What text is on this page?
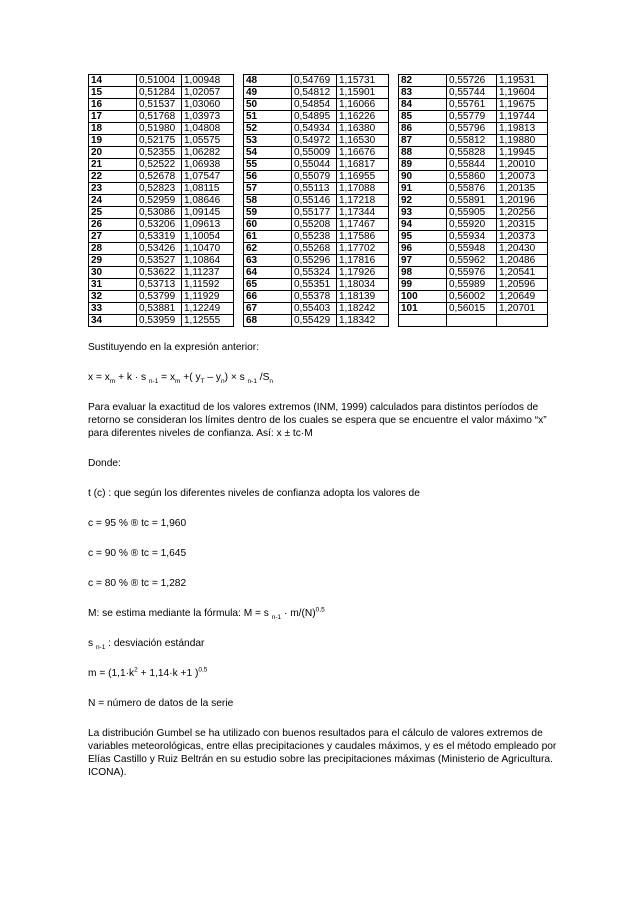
14	0,51004	1,00948		48	0,54769	1,15731		82	0,55726	1,19531
15	0,51284	1,02057		49	0,54812	1,15901		83	0,55744	1,19604
16	0,51537	1,03060		50	0,54854	1,16066		84	0,55761	1,19675
17	0,51768	1,03973		51	0,54895	1,16226		85	0,55779	1,19744
18	0,51980	1,04808		52	0,54934	1,16380		86	0,55796	1,19813
19	0,52175	1,05575		53	0,54972	1,16530		87	0,55812	1,19880
20	0,52355	1,06282		54	0,55009	1,16676		88	0,55828	1,19945
21	0,52522	1,06938		55	0,55044	1,16817		89	0,55844	1,20010
22	0,52678	1,07547		56	0,55079	1,16955		90	0,55860	1,20073
23	0,52823	1,08115		57	0,55113	1,17088		91	0,55876	1,20135
24	0,52959	1,08646		58	0,55146	1,17218		92	0,55891	1,20196
25	0,53086	1,09145		59	0,55177	1,17344		93	0,55905	1,20256
26	0,53206	1,09613		60	0,55208	1,17467		94	0,55920	1,20315
27	0,53319	1,10054		61	0,55238	1,17586		95	0,55934	1,20373
28	0,53426	1,10470		62	0,55268	1,17702		96	0,55948	1,20430
29	0,53527	1,10864		63	0,55296	1,17816		97	0,55962	1,20486
30	0,53622	1,11237		64	0,55324	1,17926		98	0,55976	1,20541
31	0,53713	1,11592		65	0,55351	1,18034		99	0,55989	1,20596
32	0,53799	1,11929		66	0,55378	1,18139		100	0,56002	1,20649
33	0,53881	1,12249		67	0,55403	1,18242		101	0,56015	1,20701
34	0,53959	1,12555		68	0,55429	1,18342				

Sustituyendo en la expresión anterior:

$x = x_m + k \cdot s$ $_{n-1} = x_m$ +( $y_T - y_n) \times s$ $_{n-1}$ $/S_n$

Para evaluar la exactitud de los valores extremos (INM, 1999) calculados para distintos períodos de retorno se consideran los límites dentro de los cuales se espera que se encuentre el valor máximo “x” para diferentes niveles de confianza. Así: x ± tc·M

Donde:

t (c) : que según los diferentes niveles de confianza adopta los valores de

c = 95 % ® tc = 1,960

c = 90 % ® tc = 1,645

c = 80 % ® tc = 1,282

M: se estima mediante la fórmula: M = s $_{n-1} \cdot m/(N)^{0,5}$

s $_{n-1}$ : desviación estándar

$m = (1,1\cdot k^2 + 1,14\cdot k +1$ )$^{0,5}$

N = número de datos de la serie

La distribución Gumbel se ha utilizado con buenos resultados para el cálculo de valores extremos de variables meteorológicas, entre ellas precipitaciones y caudales máximos, y es el método empleado por Elías Castillo y Ruiz Beltrán en su estudio sobre las precipitaciones máximas (Ministerio de Agricultura. ICONA).
